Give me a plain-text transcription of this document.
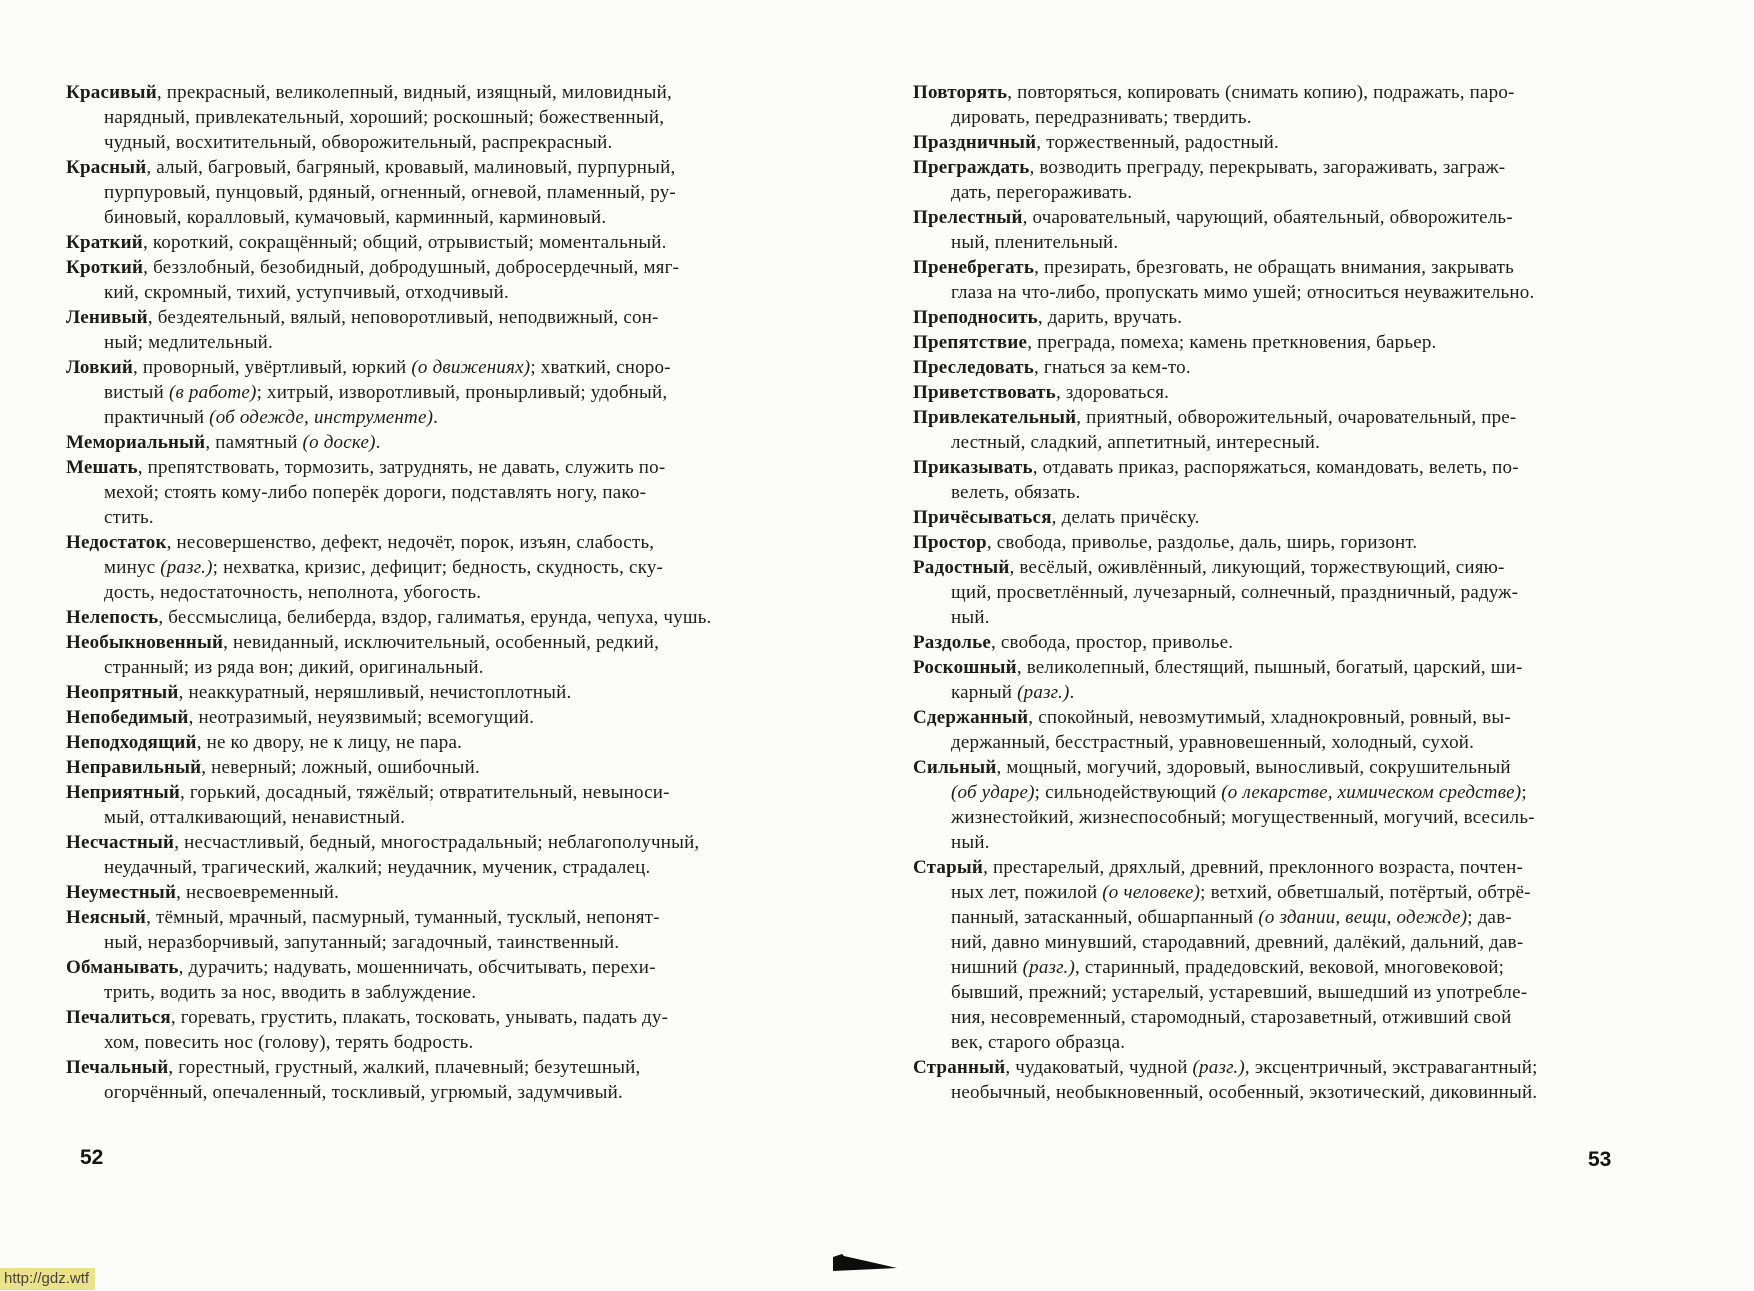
Красивый, прекрасный, великолепный, видный, изящный, миловидный,
нарядный, привлекательный, хороший; роскошный; божественный,
чудный, восхитительный, обворожительный, распрекрасный.
Красный, алый, багровый, багряный, кровавый, малиновый, пурпурный,
пурпуровый, пунцовый, рдяный, огненный, огневой, пламенный, ру-
биновый, коралловый, кумачовый, карминный, карминовый.
Краткий, короткий, сокращённый; общий, отрывистый; моментальный.
Кроткий, беззлобный, безобидный, добродушный, добросердечный, мяг-
кий, скромный, тихий, уступчивый, отходчивый.
Ленивый, бездеятельный, вялый, неповоротливый, неподвижный, сон-
ный; медлительный.
Ловкий, проворный, увёртливый, юркий (о движениях); хваткий, сноро-
вистый (в работе); хитрый, изворотливый, пронырливый; удобный,
практичный (об одежде, инструменте).
Мемориальный, памятный (о доске).
Мешать, препятствовать, тормозить, затруднять, не давать, служить по-
мехой; стоять кому-либо поперёк дороги, подставлять ногу, пако-
стить.
Недостаток, несовершенство, дефект, недочёт, порок, изъян, слабость,
минус (разг.); нехватка, кризис, дефицит; бедность, скудность, ску-
дость, недостаточность, неполнота, убогость.
Нелепость, бессмыслица, белиберда, вздор, галиматья, ерунда, чепуха, чушь.
Необыкновенный, невиданный, исключительный, особенный, редкий,
странный; из ряда вон; дикий, оригинальный.
Неопрятный, неаккуратный, неряшливый, нечистоплотный.
Непобедимый, неотразимый, неуязвимый; всемогущий.
Неподходящий, не ко двору, не к лицу, не пара.
Неправильный, неверный; ложный, ошибочный.
Неприятный, горький, досадный, тяжёлый; отвратительный, невыноси-
мый, отталкивающий, ненавистный.
Несчастный, несчастливый, бедный, многострадальный; неблагополучный,
неудачный, трагический, жалкий; неудачник, мученик, страдалец.
Неуместный, несвоевременный.
Неясный, тёмный, мрачный, пасмурный, туманный, тусклый, непонят-
ный, неразборчивый, запутанный; загадочный, таинственный.
Обманывать, дурачить; надувать, мошенничать, обсчитывать, перехи-
трить, водить за нос, вводить в заблуждение.
Печалиться, горевать, грустить, плакать, тосковать, унывать, падать ду-
хом, повесить нос (голову), терять бодрость.
Печальный, горестный, грустный, жалкий, плачевный; безутешный,
огорчённый, опечаленный, тоскливый, угрюмый, задумчивый.
Повторять, повторяться, копировать (снимать копию), подражать, паро-
дировать, передразнивать; твердить.
Праздничный, торжественный, радостный.
Преграждать, возводить преграду, перекрывать, загораживать, заграж-
дать, перегораживать.
Прелестный, очаровательный, чарующий, обаятельный, обворожитель-
ный, пленительный.
Пренебрегать, презирать, брезговать, не обращать внимания, закрывать
глаза на что-либо, пропускать мимо ушей; относиться неуважительно.
Преподносить, дарить, вручать.
Препятствие, преграда, помеха; камень преткновения, барьер.
Преследовать, гнаться за кем-то.
Приветствовать, здороваться.
Привлекательный, приятный, обворожительный, очаровательный, пре-
лестный, сладкий, аппетитный, интересный.
Приказывать, отдавать приказ, распоряжаться, командовать, велеть, по-
велеть, обязать.
Причёсываться, делать причёску.
Простор, свобода, приволье, раздолье, даль, ширь, горизонт.
Радостный, весёлый, оживлённый, ликующий, торжествующий, сияю-
щий, просветлённый, лучезарный, солнечный, праздничный, радуж-
ный.
Раздолье, свобода, простор, приволье.
Роскошный, великолепный, блестящий, пышный, богатый, царский, ши-
карный (разг.).
Сдержанный, спокойный, невозмутимый, хладнокровный, ровный, вы-
держанный, бесстрастный, уравновешенный, холодный, сухой.
Сильный, мощный, могучий, здоровый, выносливый, сокрушительный
(об ударе); сильнодействующий (о лекарстве, химическом средстве);
жизнестойкий, жизнеспособный; могущественный, могучий, всесиль-
ный.
Старый, престарелый, дряхлый, древний, преклонного возраста, почтен-
ных лет, пожилой (о человеке); ветхий, обветшалый, потёртый, обтрё-
панный, затасканный, обшарпанный (о здании, вещи, одежде); дав-
ний, давно минувший, стародавний, древний, далёкий, дальний, дав-
нишний (разг.), старинный, прадедовский, вековой, многовековой;
бывший, прежний; устарелый, устаревший, вышедший из употребле-
ния, несовременный, старомодный, старозаветный, отживший свой
век, старого образца.
Странный, чудаковатый, чудной (разг.), эксцентричный, экстравагантный;
необычный, необыкновенный, особенный, экзотический, диковинный.
52	53
http://gdz.wtf
